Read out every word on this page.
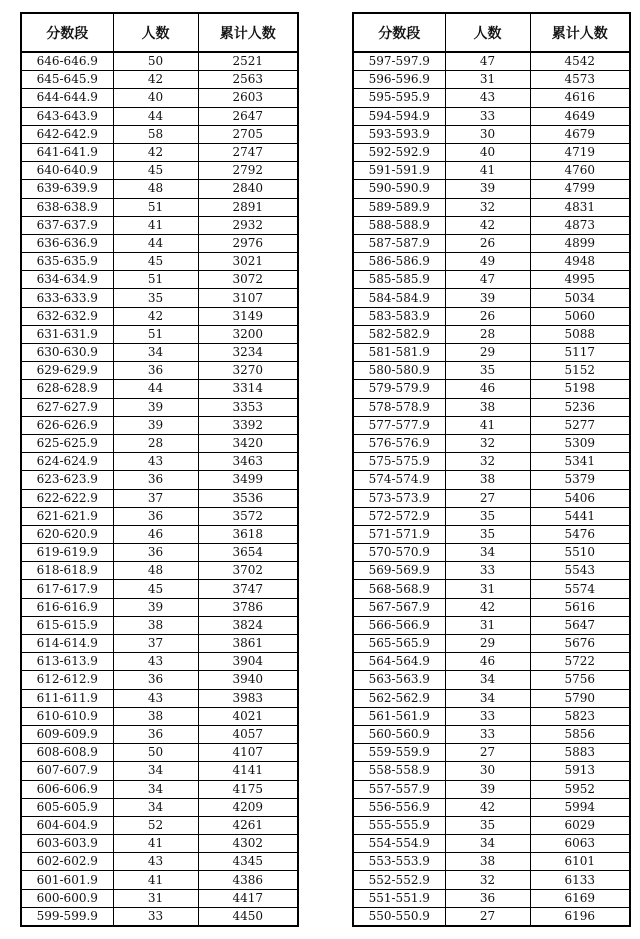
分数段	人数	累计人数
646-646.9	50	2521
645-645.9	42	2563
644-644.9	40	2603
643-643.9	44	2647
642-642.9	58	2705
641-641.9	42	2747
640-640.9	45	2792
639-639.9	48	2840
638-638.9	51	2891
637-637.9	41	2932
636-636.9	44	2976
635-635.9	45	3021
634-634.9	51	3072
633-633.9	35	3107
632-632.9	42	3149
631-631.9	51	3200
630-630.9	34	3234
629-629.9	36	3270
628-628.9	44	3314
627-627.9	39	3353
626-626.9	39	3392
625-625.9	28	3420
624-624.9	43	3463
623-623.9	36	3499
622-622.9	37	3536
621-621.9	36	3572
620-620.9	46	3618
619-619.9	36	3654
618-618.9	48	3702
617-617.9	45	3747
616-616.9	39	3786
615-615.9	38	3824
614-614.9	37	3861
613-613.9	43	3904
612-612.9	36	3940
611-611.9	43	3983
610-610.9	38	4021
609-609.9	36	4057
608-608.9	50	4107
607-607.9	34	4141
606-606.9	34	4175
605-605.9	34	4209
604-604.9	52	4261
603-603.9	41	4302
602-602.9	43	4345
601-601.9	41	4386
600-600.9	31	4417
599-599.9	33	4450
分数段	人数	累计人数
597-597.9	47	4542
596-596.9	31	4573
595-595.9	43	4616
594-594.9	33	4649
593-593.9	30	4679
592-592.9	40	4719
591-591.9	41	4760
590-590.9	39	4799
589-589.9	32	4831
588-588.9	42	4873
587-587.9	26	4899
586-586.9	49	4948
585-585.9	47	4995
584-584.9	39	5034
583-583.9	26	5060
582-582.9	28	5088
581-581.9	29	5117
580-580.9	35	5152
579-579.9	46	5198
578-578.9	38	5236
577-577.9	41	5277
576-576.9	32	5309
575-575.9	32	5341
574-574.9	38	5379
573-573.9	27	5406
572-572.9	35	5441
571-571.9	35	5476
570-570.9	34	5510
569-569.9	33	5543
568-568.9	31	5574
567-567.9	42	5616
566-566.9	31	5647
565-565.9	29	5676
564-564.9	46	5722
563-563.9	34	5756
562-562.9	34	5790
561-561.9	33	5823
560-560.9	33	5856
559-559.9	27	5883
558-558.9	30	5913
557-557.9	39	5952
556-556.9	42	5994
555-555.9	35	6029
554-554.9	34	6063
553-553.9	38	6101
552-552.9	32	6133
551-551.9	36	6169
550-550.9	27	6196
